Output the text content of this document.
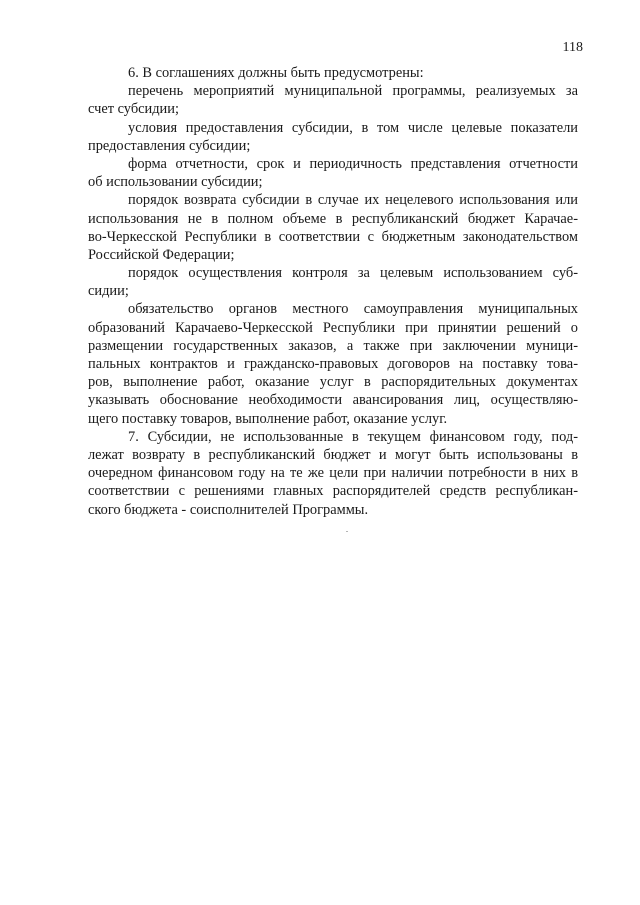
118
6. В соглашениях должны быть предусмотрены:
перечень мероприятий муниципальной программы, реализуемых за
счет субсидии;
условия предоставления субсидии, в том числе целевые показатели
предоставления субсидии;
форма отчетности, срок и периодичность представления отчетности
об использовании субсидии;
порядок возврата субсидии в случае их нецелевого использования или
использования не в полном объеме в республиканский бюджет Карачае-
во-Черкесской Республики в соответствии с бюджетным законодательством
Российской Федерации;
порядок осуществления контроля за целевым использованием суб-
сидии;
обязательство органов местного самоуправления муниципальных
образований Карачаево-Черкесской Республики при принятии решений о
размещении государственных заказов, а также при заключении муници-
пальных контрактов и гражданско-правовых договоров на поставку това-
ров, выполнение работ, оказание услуг в распорядительных документах
указывать обоснование необходимости авансирования лиц, осуществляю-
щего поставку товаров, выполнение работ, оказание услуг.
7. Субсидии, не использованные в текущем финансовом году, под-
лежат возврату в республиканский бюджет и могут быть использованы в
очередном финансовом году на те же цели при наличии потребности в них в
соответствии с решениями главных распорядителей средств республикан-
ского бюджета - соисполнителей Программы.
